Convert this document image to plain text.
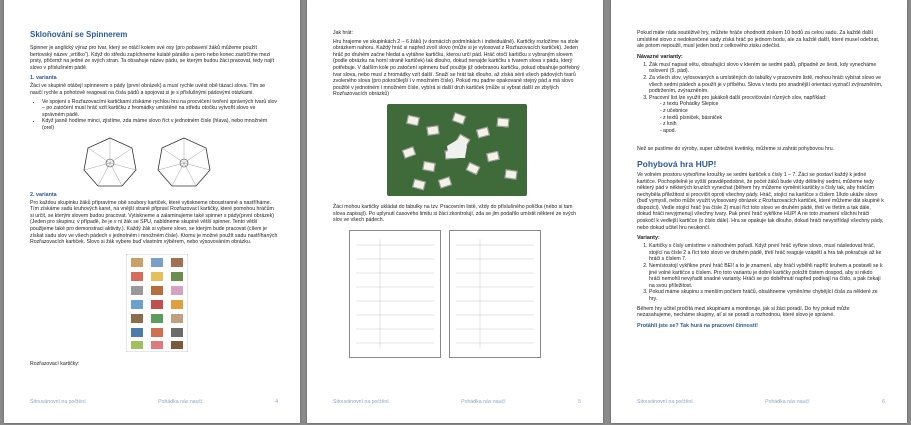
Skloňování se Spinnerem

Spinner je anglický výraz pro tvar, který se otáčí kolem své osy (pro pobavení žáků můžeme použít bertovský název „vrtítko“). Když do středu zapíchneme kulaté párátko a pero nebo konec zastrčíme mezi prsty, přičemž na jedné ze svých stran. Ta obsahuje název pádu, se kterým budou žáci pracovat, tedy najít slovo v příslušném pádě.

1. varianta

Žáci ve skupině otáčejí spinnerem s pády (první obrázek) a musí rychle uvést obě tázací slova. Tím se naučí rychle a pohotově reagovat na čísla pádů a spojovat si je s příslušnými pádovými otázkami.

• Ve spojení s Rozřazovacími kartičkami získáme rychlou hru na procvičení tvoření správných tvarů slov – po zatočení musí hráč vzít kartičku z hromádky umístěné na středu otočku vytvořit slovo ve správném pádě.
• Když jasně hodíme minci, zjistíme, zda máme slovo říct v jednotném čísle (hlava), nebo množném (orel)
2. varianta

Pro každou skupinku žáků připravíme obě soubory kartiček, které vytiskneme oboustranně a nastříháme. Tím získáme sadu kruhových karet, na vnější straně připraví Rozřazovací kartičky, které pomohou hráčům si určit, se kterým slovem budou pracovat. Vytiskneme a zalaminujeme také spinner s pády(první obrázek) (Jeden pro skupinu; v případě, že je v ní žák se SPU, nabídneme skupině větší spinner. Tento větší použijeme také pro demonstraci aktivity.). Každý žák si vybere slovo, se kterým bude pracovat (cílem je získat sadu slov ve všech pádech v jednotném i množném čísle). Ktomu je možné použít sadu nastříhaných Rozřazovacích kartiček. Slovo si žák vybere buď vlastním výběrem, nebo výsovováním obrázku.

Rozřazovací kartičky:

Sitouvánovní na počtění	Pohádka nás naučí	4

Jak hrát:

Hru hrajeme ve skupinkách 2 – 6 žáků (v domácích podmínkách i individuálně). Kartičky rozložíme na stole obrázkem nahoru. Každý hráč si napřed zvolí slovo (může si je vylosovat z Rozřazovacích kartiček). Jeden hráč po druhém začne hledat a vytáhne kartičku, kterou určí pád. Hráč otočí kartičku s vybraným slovem (podle obrázku na horní straně kartiček) tak dlouho, dokud nenajde kartičku s tvarem slova v pádu, který potřebuje. V dalším kole po zatočení spinneru buď použije již odebranou kartičku, pokud obsahuje potřebný tvar slova, nebo musí z hromádky vzít další. Snaží se hrát tak dlouho, až získá sérii všech pádových tvarů zvoleného slova (pro pokročilejší i v množném čísle). Pokud mu padne opakovaně stejný pád a má slovo použité v jednotném i množném čísle, vybírá si další druh kartiček (může si vybrat další ze zbylých Rozřazovacích obrázků)

Žáci mohou kartičky ukládat do tabulky na tzv. Pracovním listě, vždy do příslušného políčka (nebo si tam slova zapisují). Po uplynutí časového limitu si žáci zkontrolují, zda se jim podařilo umístit některé ze svých slov ve všech pádech.

Sitouvánovní na počtění	Pohádka nás naučí	5

Pokud máte ráda soutěživé hry, můžete hráče ohodnotit ziskem 10 bodů za celou sadu. Za každé další umístěné slovo z nedokončené sady získá hráč po jednom bodu, ale za každé další, které musel odebrat, ale potom nepoužil, musí jeden bod z celkového zisku odečíst.

Návazné varianty:
1. Žák musí napsat větu, obsahující slovo v kterém se sedmi pádů, připadně ze šesti, kdy vynecháme oslovení (5. pád).
2. Za všech slov, vylosovaných a umístěných do tabulky v pracovním listě, mohou hráči vybírat slovo ve všech sedmi pádech a použít je v příběhu. Slova v textu pro snadnější orientaci vyznačí zvýrazněním, podtržením, zvýrazněním.
3. Pracovní list lze využít pro jakákoli další procvičování různých slov, například:
- z textu Pohádky Slepice
- z učebnice
- z textů písniček, básniček
- z knih
- apod.

Než se pustíme do výroby, super užitečné kvetinky, můžeme si zahrát pohybovou hru.

Pohybová hra HUP!

Ve volném prostoru vytvoříme kroužky se sedmi kartiček s čísly 1 – 7. Žáci se postaví každý k jedné kartičce. Pochopitelně je vyšší pravděpodobné, že počet žáků bude vždy dělitelný sedmi, můžeme tedy některý pád v některých kruzích vynechat (během hry můžeme vyměnit kartičky s čísly tak, aby hráčům nechyběla příležitost si procvičit oproti všechny pády. Hráč, stojící na kartičce s číslem 1/kdo ukáže slovo (buď vymyslí, nebo může využít vylosovaný obrázek z Rozřazovacích kartiček, které můžeme dát skupině k dispozici). Vedle stojící hráč (na čísle 2) musí říct toto slovo ve druhém pádě, třetí ve třetím a tak dále, dokud hráči nevyjmenují všechny tvary. Pak první hráč vykřikne HUP! A ne toto znamení všichni hráči poskočí k vedlejší kartičce (o číslo dále). Hra se opakuje tak dlouho, dokud hráči nevystřídají všechny pády, nebo dokud učitel hru neukončí.

Varianty:
1. Kartičky s čísly umístíme v náhodném pořadí. Když první hráč vyřkne slovo, musí následovat hráč, stojící na čísle 2 a říct toto slovo ve druhém pádě, třetí hráč reaguje vzápětí a hra tak pokračuje až ke hráči s číslem 7.
2. Nemístostojí vykřikne první hráč BEI! a to je znamení, aby hráči vyběhli napříč kruhem a postavili se k jiné volné kartičce s číslem. Pro toto variantu je dobré kartičky položit čistem dospod, aby si nikdo hráči nemohli nevyřadit snadné varianty. Hráči se po doběhnutí napřed podívají na číslo, a pak čekají na svou příležitost.
3. Pokud máme skupinu s menším počtem hráčů, obsáhneme vyměníme chybějící čísla za některé ze hry.

Během hry učitel pročítá mezi skupinami a monitoruje, jak si žáci poradí. Do hry pokud může nezasahujeme, necháme skupiny, ať si se poradí a rozhodnou, které slovo je správné.

Protáhli jste se? Tak hurá na pracovní činnosti!
Sitouvánovní na počtění	Pohádka nás naučí	6
